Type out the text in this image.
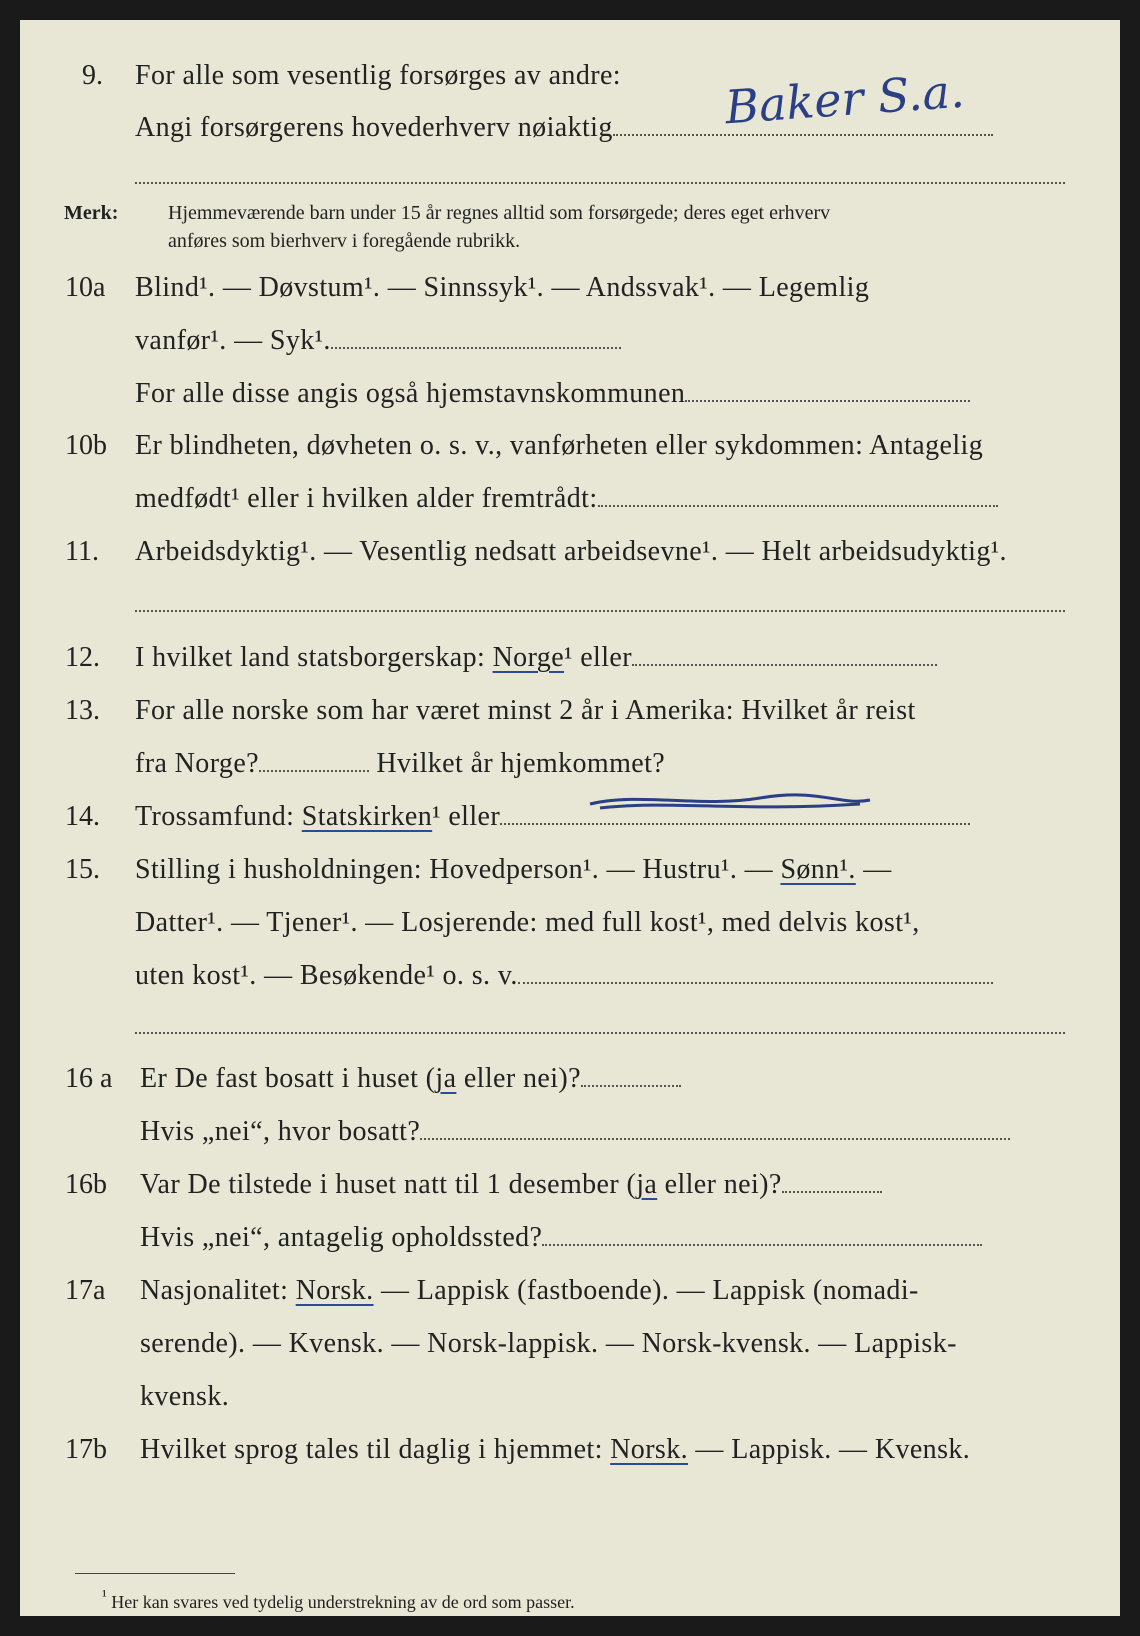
9. For alle som vesentlig forsørges av andre:
Angi forsørgerens hovederhverv nøiaktig	Baker S.a.
Merk: Hjemmeværende barn under 15 år regnes alltid som forsørgede; deres eget erhverv
anføres som bierhverv i foregående rubrikk.
10a Blind¹. — Døvstum¹. — Sinnssyk¹. — Andssvak¹. — Legemlig
vanfør¹. — Syk¹.
For alle disse angis også hjemstavnskommunen
10b Er blindheten, døvheten o. s. v., vanførheten eller sykdommen: Antagelig
medfødt¹ eller i hvilken alder fremtrådt:
11. Arbeidsdyktig¹. — Vesentlig nedsatt arbeidsevne¹. — Helt arbeidsudyktig¹.
12. I hvilket land statsborgerskap: Norge¹ eller
13. For alle norske som har været minst 2 år i Amerika: Hvilket år reist
fra Norge?	Hvilket år hjemkommet?
14. Trossamfund: Statskirken¹ eller
15. Stilling i husholdningen: Hovedperson¹. — Hustru¹. — Sønn¹. —
Datter¹. — Tjener¹. — Losjerende: med full kost¹, med delvis kost¹,
uten kost¹. — Besøkende¹ o. s. v.
16 a Er De fast bosatt i huset (ja eller nei)?
Hvis „nei“, hvor bosatt?
16b Var De tilstede i huset natt til 1 desember (ja eller nei)?
Hvis „nei“, antagelig opholdssted?
17a Nasjonalitet: Norsk. — Lappisk (fastboende). — Lappisk (nomadi-
serende). — Kvensk. — Norsk-lappisk. — Norsk-kvensk. — Lappisk-
kvensk.
17b Hvilket sprog tales til daglig i hjemmet: Norsk. — Lappisk. — Kvensk.
¹ Her kan svares ved tydelig understrekning av de ord som passer.
